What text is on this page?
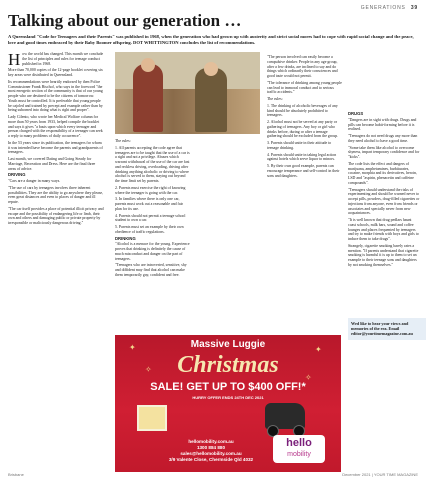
GENERATIONS 39
Talking about our generation …
A Queensland "Code for Teenagers and their Parents" was published in 1968, when the generation who had grown up with austerity and strict social mores had to cope with rapid social change and the peace, love and good times embraced by their Baby Boomer offspring. DOT WHITTINGTON concludes the list of recommendations.

How the world has changed. This month we conclude the list of principles and rules for teenage conduct published in 1968.

More than 70,000 copies of the 12-page booklet covering six key areas were distributed in Queensland.

Its recommendations were heartily endorsed by then Police Commissioner Frank Bischof, who says in the foreword "the most energetic section of the community is that of our young people who are destined to be the citizens of tomorrow. Youth must be controlled. It is preferable that young people be cajoled and trained by precept and example rather than by being suborned into doing what is right and proper".

Lady Cilento, who wrote her Medical Wolfare column for more than 50 years from 1933, helped compile the booklet and says it gives "a basis upon which every teenager and person charged with the responsibility of a teenager can seek a reply to many problems of daily occurrence".

In the 53 years since its publication, the teenagers for whom it was intended have become the parents and grandparents of teenagers.

Last month, we covered Dating and Going Steady for Marriage, Recreation and Dress. Here are the final three areas of advice.

DRIVING

"Cars are a danger in many ways.

"The use of cars by teenagers involves three inherent possibilities. They are the ability to go anywhere they please, even great distances and even to places of danger and ill repute.

"The car itself provides a place of potential illicit privacy and escape and the possibility of endangering life or limb, their own and others and damaging public or private property by irresponsible or maliciously dangerous driving."

The rules:

1. All parents accepting the code agree that teenagers are to be taught that the use of a car is a right and not a privilege. Abuses which warrant withdrawal of the use of the car are fast and reckless driving, overloading, driving after drinking anything alcoholic or driving to where alcohol is served to them, staying out beyond the time limit set by parents.

2. Parents must exercise the right of knowing where the teenager is going with the car.

3. In families where there is only one car, parents must work out a reasonable and fair plan for its use.

4. Parents should not permit a teenage school student to own a car.

5. Parents must set an example by their own obedience of traffic regulations.

DRINKING

"Alcohol is a menace for the young. Experience proves that drinking is definitely the cause of much misconduct and danger on the part of teenagers.

"Teenagers who are introverted, sensitive, shy and diffident may find that alcohol can make them temporarily gay, confident and free.

"The person involved can easily become a compulsive drinker. People in any age group, after a few drinks, are inclined to say and do things which ordinarily their consciences and good taste would not permit.

"The tolerance of drinking among young people can lead to immoral conduct and to serious traffic accidents."

The rules:

1. The drinking of alcoholic beverages of any kind should be absolutely prohibited to teenagers.

2. Alcohol must not be served at any party or gathering of teenagers. Any boy or girl who drinks before, during or after a teenage gathering should be excluded from the group.

3. Parents should unite in their attitude to teenage drinking.

4. Parents should unite in taking legal action against hotels which serve liquor to minors.

5. By their own good example, parents can encourage temperance and self-control in their sons and daughters.

DRUGS

"Dangers are in sight with drugs. Drugs and pills can become habit-forming before it is realised.

"Teenagers do not need drugs any more than they need alcohol to have a good time.

"Some take them like alcohol to overcome shyness, impart temporary confidence and for "kicks".

The code lists the effect and dangers of marijuana, amphetamines, barbiturates, cocaine, morphia and its derivatives, heroin, LSD and "aspirin, phenacetin and caffeine compounds".

"Teenagers should understand the risks of experimenting and should be warned never to accept pills, powders, drug-filled cigarettes or injections from anyone, even from friends or associates and specially never from new acquaintances.

"It is well known that drug pedlars haunt coast schools, milk bars, sound and coffee lounges and places frequented by teenagers and try to make friends with boys and girls to induce them to take drugs".

Strangely, cigarette smoking barely rates a mention. "If parents understand that cigarette smoking is harmful it is up to them to set an example to their teenage sons and daughters by not smoking themselves."

Wed like to hear your views and memories of the era. Email editor@yourtimemagazine.com.au
Massive Luggie
Christmas
SALE! GET UP TO $400 OFF!*
HURRY OFFER ENDS 24TH DEC 2021
✦	✦
✧
✧
hellomobility.com.au
1300 884 880
sales@hellomobility.com.au
3/9 Valente Close, Chermside Qld 4032
hello
mobility
Brisbane	December 2021 | YOUR TIME MAGAZINE
